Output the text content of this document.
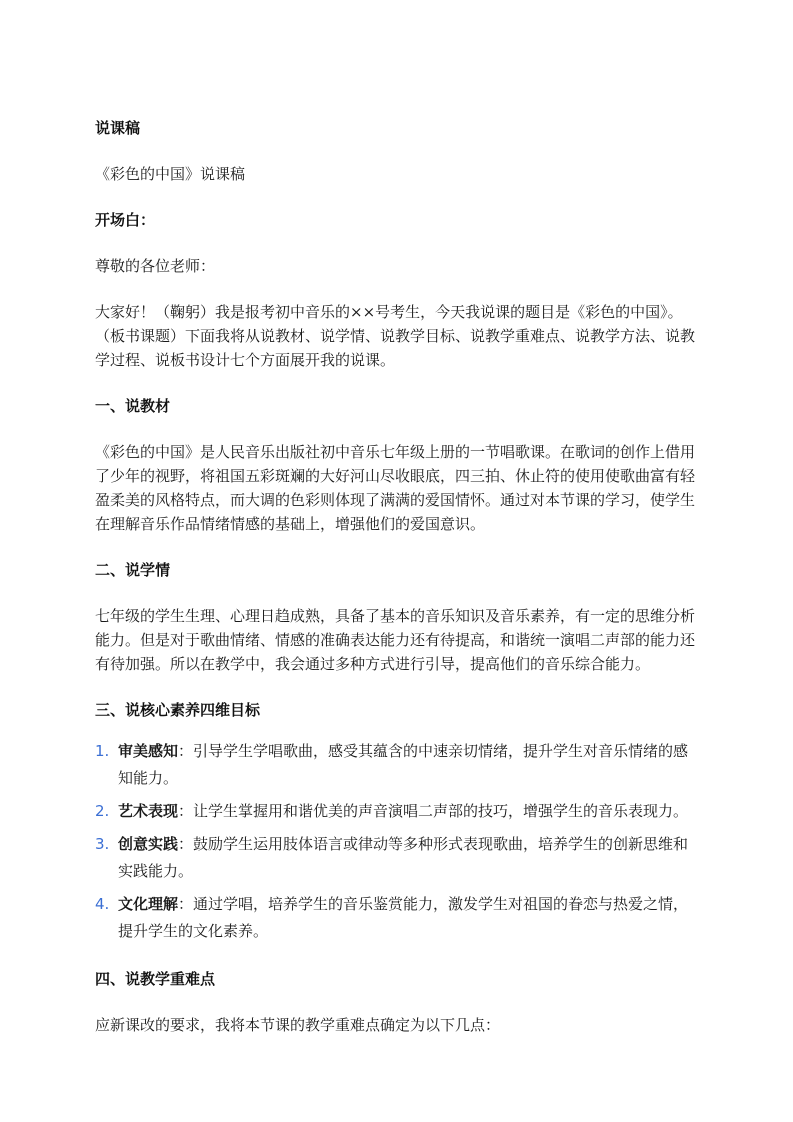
说课稿

《彩色的中国》说课稿

开场白：

尊敬的各位老师：

大家好！（鞠躬）我是报考初中音乐的××号考生，今天我说课的题目是《彩色的中国》。（板书课题）下面我将从说教材、说学情、说教学目标、说教学重难点、说教学方法、说教学过程、说板书设计七个方面展开我的说课。

一、说教材

《彩色的中国》是人民音乐出版社初中音乐七年级上册的一节唱歌课。在歌词的创作上借用了少年的视野，将祖国五彩斑斓的大好河山尽收眼底，四三拍、休止符的使用使歌曲富有轻盈柔美的风格特点，而大调的色彩则体现了满满的爱国情怀。通过对本节课的学习，使学生在理解音乐作品情绪情感的基础上，增强他们的爱国意识。

二、说学情

七年级的学生生理、心理日趋成熟，具备了基本的音乐知识及音乐素养，有一定的思维分析能力。但是对于歌曲情绪、情感的准确表达能力还有待提高，和谐统一演唱二声部的能力还有待加强。所以在教学中，我会通过多种方式进行引导，提高他们的音乐综合能力。

三、说核心素养四维目标

1. 审美感知：引导学生学唱歌曲，感受其蕴含的中速亲切情绪，提升学生对音乐情绪的感知能力。
2. 艺术表现：让学生掌握用和谐优美的声音演唱二声部的技巧，增强学生的音乐表现力。
3. 创意实践：鼓励学生运用肢体语言或律动等多种形式表现歌曲，培养学生的创新思维和实践能力。
4. 文化理解：通过学唱，培养学生的音乐鉴赏能力，激发学生对祖国的眷恋与热爱之情，提升学生的文化素养。

四、说教学重难点

应新课改的要求，我将本节课的教学重难点确定为以下几点：
